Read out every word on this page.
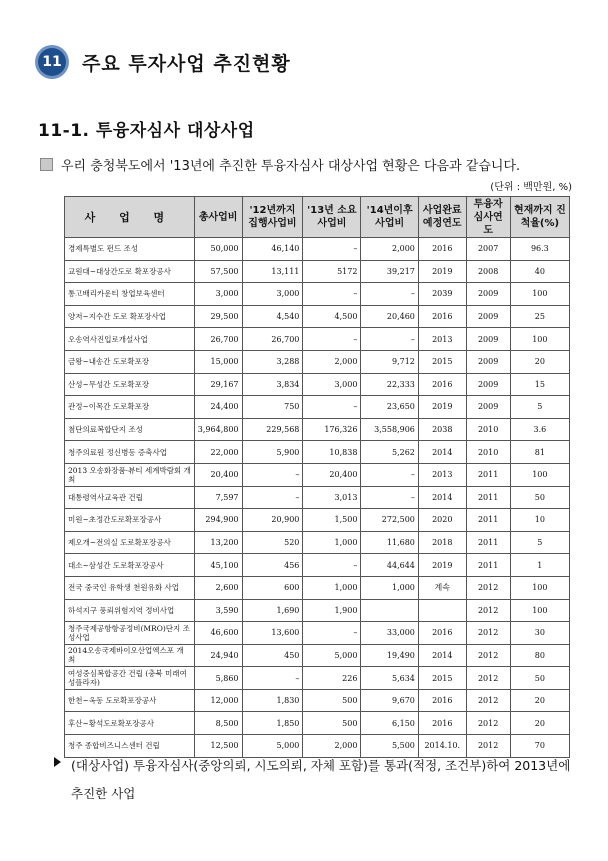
11 주요 투자사업 추진현황
11-1. 투융자심사 대상사업
우리 충청북도에서 '13년에 추진한 투융자심사 대상사업 현황은 다음과 같습니다.
(단위 : 백만원, %)
사 업 명	총사업비	'12년까지 집행사업비	'13년 소요사업비	'14년이후 사업비	사업완료 예정연도	투융자 심사연도	현재까지 진척율(%)
경제특별도 펀드 조성	50,000	46,140	–	2,000	2016	2007	96.3
교원대~대상간도로 확포장공사	57,500	13,111	5172	39,217	2019	2008	40
통고배리카운티 창업보육센터	3,000	3,000	–	–	2039	2009	100
양저~지수간 도로 확포장사업	29,500	4,540	4,500	20,460	2016	2009	25
오송역사진입로개설사업	26,700	26,700	–	–	2013	2009	100
금왕~내송간 도로확포장	15,000	3,288	2,000	9,712	2015	2009	20
산성~무성간 도로확포장	29,167	3,834	3,000	22,333	2016	2009	15
관정~이목간 도로확포장	24,400	750	–	23,650	2019	2009	5
첨단의료복합단지 조성	3,964,800	229,568	176,326	3,558,906	2038	2010	3.6
청주의료원 정신병동 증축사업	22,000	5,900	10,838	5,262	2014	2010	81
2013 오송화장품·뷰티 세계박람회 개최	20,400	–	20,400	–	2013	2011	100
대통령역사교육관 건립	7,597	–	3,013	–	2014	2011	50
미원~초정간도로확포장공사	294,900	20,900	1,500	272,500	2020	2011	10
제오개~전의실 도로확포장공사	13,200	520	1,000	11,680	2018	2011	5
대소~삼성간 도로확포장공사	45,100	456	–	44,644	2019	2011	1
전국 중국인 유학생 천원유화 사업	2,600	600	1,000	1,000	계속	2012	100
하석지구 풍뢰위험지역 정비사업	3,590	1,690	1,900			2012	100
청주국제공항항공정비(MRO)단지 조성사업	46,600	13,600	–	33,000	2016	2012	30
2014오송국제바이오산업엑스포 개최	24,940	450	5,000	19,490	2014	2012	80
여성중심복합공간 건립 (충북 미래여성플라자)	5,860	–	226	5,634	2015	2012	50
한천~옥동 도로확포장공사	12,000	1,830	500	9,670	2016	2012	20
후산~황석도로확포장공사	8,500	1,850	500	6,150	2016	2012	20
청주 종합비즈니스센터 건립	12,500	5,000	2,000	5,500	2014.10.	2012	70
(대상사업) 투융자심사(중앙의뢰, 시도의뢰, 자체 포함)를 통과(적정, 조건부)하여 2013년에 추진한 사업
